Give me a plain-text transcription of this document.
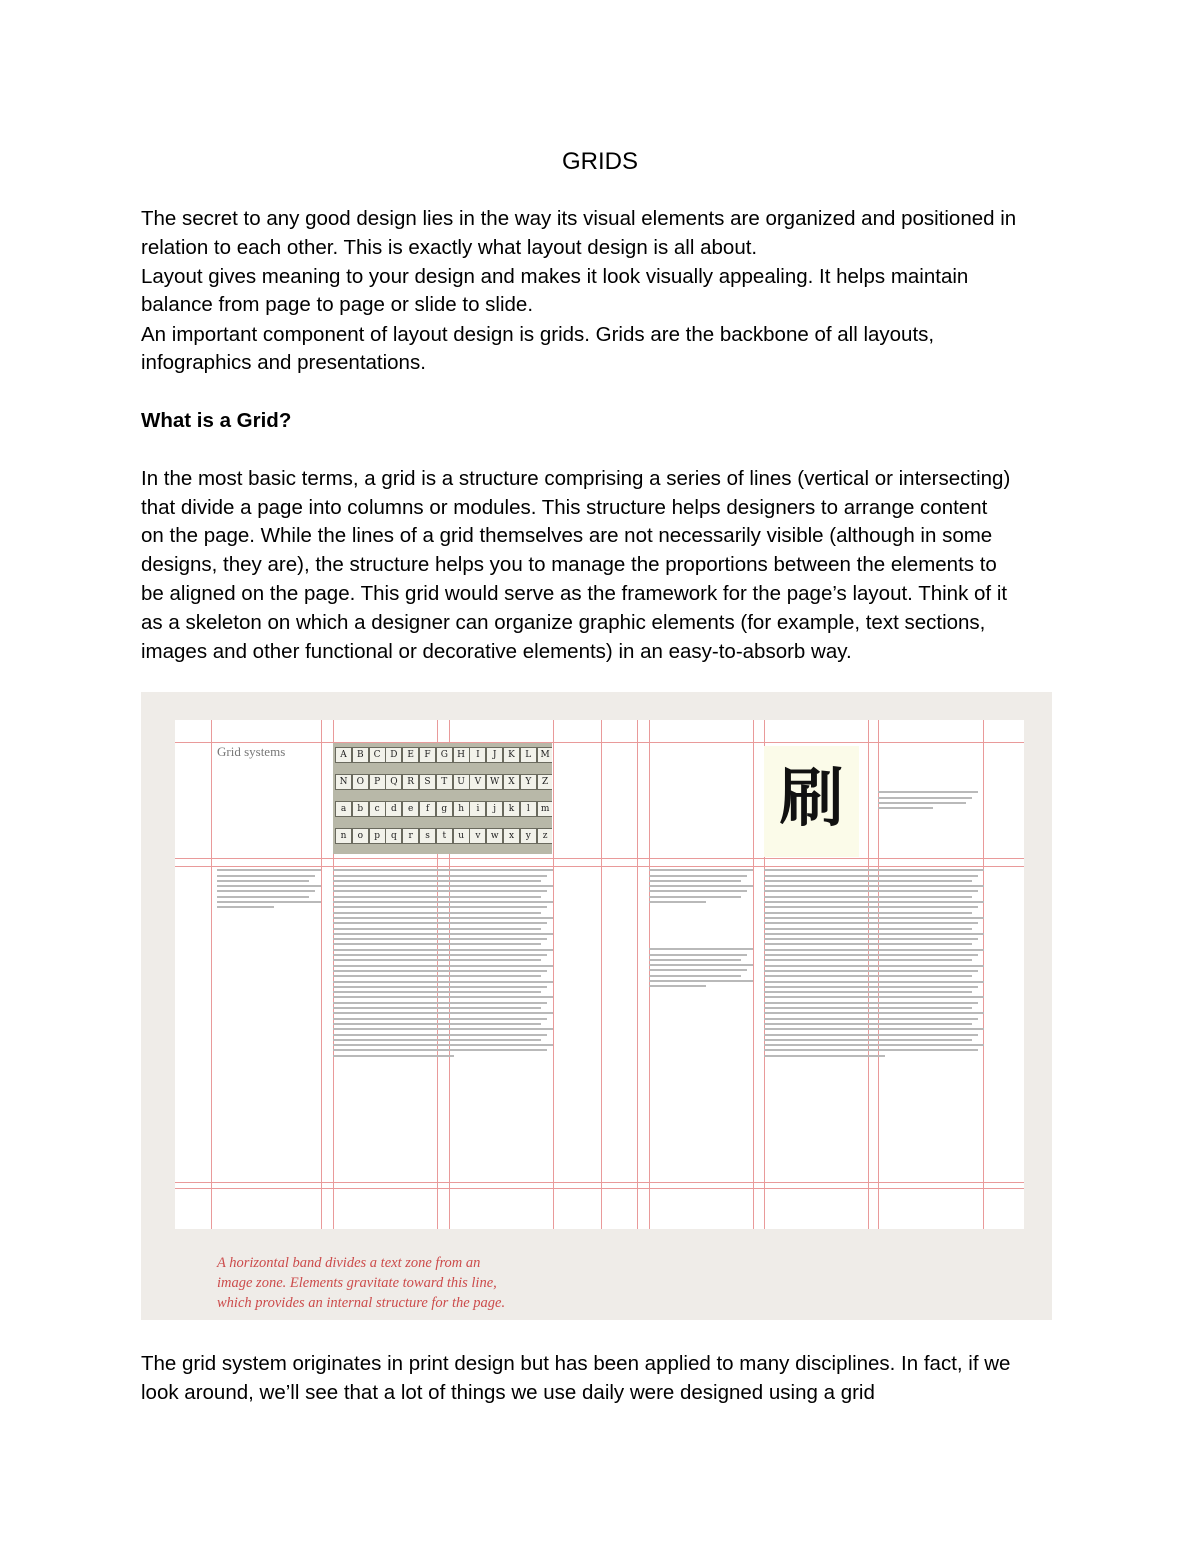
GRIDS
The secret to any good design lies in the way its visual elements are organized and positioned in
relation to each other. This is exactly what layout design is all about.
Layout gives meaning to your design and makes it look visually appealing. It helps maintain
balance from page to page or slide to slide.
An important component of layout design is grids. Grids are the backbone of all layouts,
infographics and presentations.
What is a Grid?
In the most basic terms, a grid is a structure comprising a series of lines (vertical or intersecting)
that divide a page into columns or modules. This structure helps designers to arrange content
on the page. While the lines of a grid themselves are not necessarily visible (although in some
designs, they are), the structure helps you to manage the proportions between the elements to
be aligned on the page. This grid would serve as the framework for the page’s layout. Think of it
as a skeleton on which a designer can organize graphic elements (for example, text sections,
images and other functional or decorative elements) in an easy-to-absorb way.
Grid systems	A	B	C	D	E	F	G	H	I	J	K	L	M
N	O	P	Q	R	S	T	U	V W X	Y	Z
a	b	c	d	e	f	g	h	i	j	k	l	m
n	o	p	q	r	s	t	u	v	w	x	y	z	刷
A horizontal band divides a text zone from an
image zone. Elements gravitate toward this line,
which provides an internal structure for the page.
The grid system originates in print design but has been applied to many disciplines. In fact, if we
look around, we’ll see that a lot of things we use daily were designed using a grid
